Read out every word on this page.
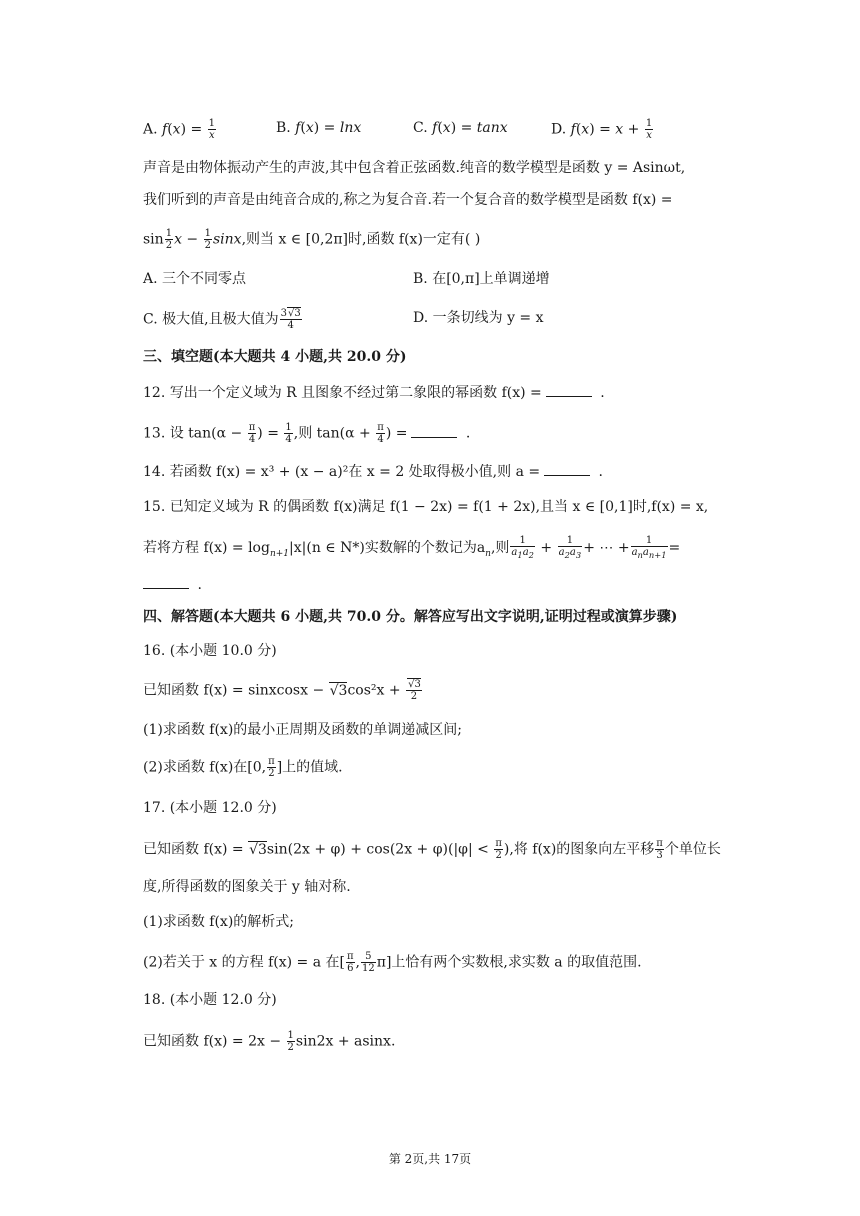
A. $f(x) = \frac{1}{x}$	B. f(x) = lnx	C. f(x) = tanx	D. $f(x) = x + \frac{1}{x}$
声音是由物体振动产生的声波,其中包含着正弦函数.纯音的数学模型是函数 y = Asinωt,
我们听到的声音是由纯音合成的,称之为复合音.若一个复合音的数学模型是函数 f(x) =
$\sin \frac{1}{2}$ $x - \frac{1}{2} \sin x$,则当 x ∈ [0,2π]时,函数 f(x)一定有( )
A. 三个不同零点	B. 在[0,π]上单调递增
C. 极大值,且极大值为 $\frac{3√3}{4}$	D. 一条切线为 y = x
三、填空题(本大题共 4 小题,共 20.0 分)
12. 写出一个定义域为 R 且图象不经过第二象限的幂函数 f(x) =	.
13. 设 $\tan(\alpha - \frac{\pi}{4}$ ) = $\frac{1}{4}$ ,则 $\tan(\alpha + \frac{\pi}{4}$ ) =	.
14. 若函数 f(x) = x³ + (x − a)²在 x = 2 处取得极小值,则 a =	.
15. 已知定义域为 R 的偶函数 f(x)满足 f(1 − 2x) = f(1 + 2x),且当 x ∈ [0,1]时,f(x) = x,
若将方程 $f(x) = \log_{n+1}|x|(n$ ∈ N*)实数解的个数记为$a_n$,则 $\frac{1}{a_1a_2} + \frac{1}{a_2a_3}$ + ⋯ + $\frac{1}{a_na_{n+1}}$ =
.
四、解答题(本大题共 6 小题,共 70.0 分。解答应写出文字说明,证明过程或演算步骤)
16. (本小题 10.0 分)
已知函数 f(x) = sinxcosx − $√3\cos^2x + \frac{√3}{2}$
(1)求函数 f(x)的最小正周期及函数的单调递减区间;
(2)求函数 f(x)在[0, $\frac{\pi}{2}$ ]上的值域.
17. (本小题 12.0 分)
已知函数 $f(x) = √3\sin(2x + \varphi) + \cos(2x + \varphi)(|\varphi| < \frac{\pi}{2}$ ),将 f(x)的图象向左平移 $\frac{\pi}{3}$ 个单位长
度,所得函数的图象关于 y 轴对称.
(1)求函数 f(x)的解析式;
(2)若关于 x 的方程 f(x) = a 在[ $\frac{\pi}{6}$ , $\frac{5}{12} \pi$]上恰有两个实数根,求实数 a 的取值范围.
18. (本小题 12.0 分)
已知函数 $f(x) = 2x - \frac{1}{2} \sin 2x + asinx$.
第 2页,共 17页
